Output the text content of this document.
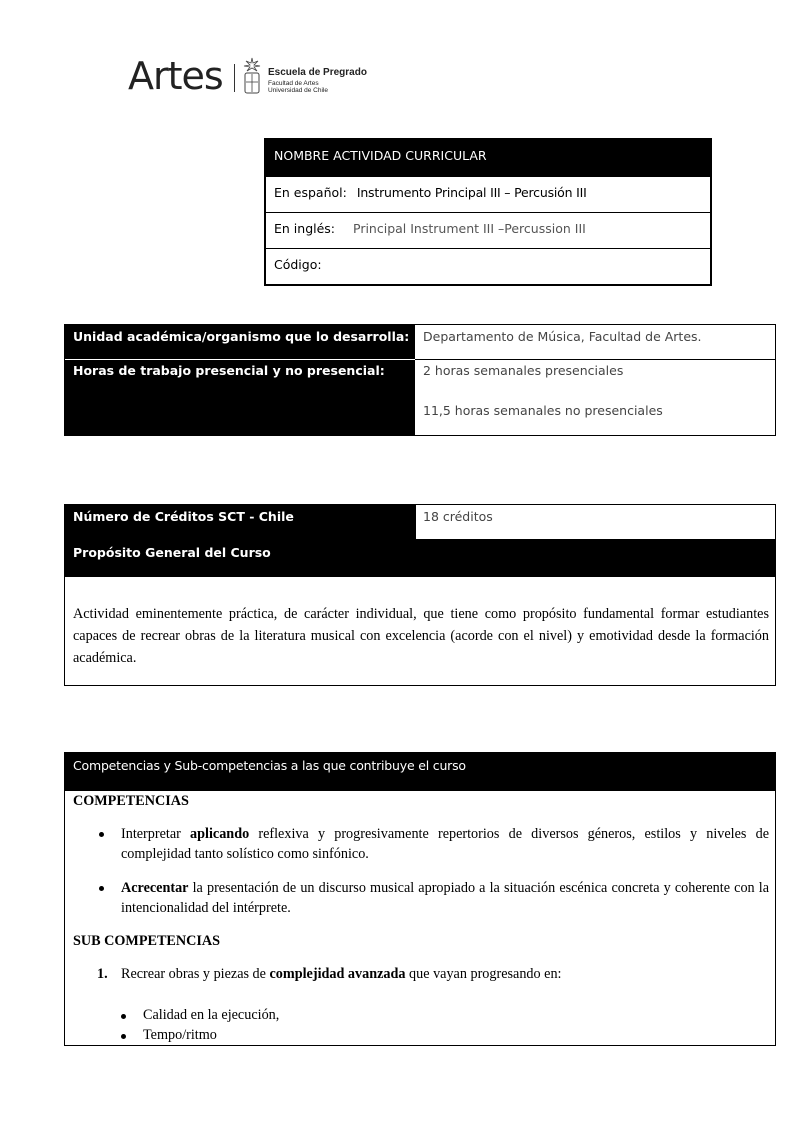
Artes	Escuela de Pregrado
Facultad de Artes
Universidad de Chile
NOMBRE ACTIVIDAD CURRICULAR
En español: Instrumento Principal III – Percusión III
En inglés: Principal Instrument III –Percussion III
Código:
Unidad académica/organismo que lo desarrolla:
Horas de trabajo presencial y no presencial:
Departamento de Música, Facultad de Artes.
2 horas semanales presenciales
11,5 horas semanales no presenciales
Número de Créditos SCT - Chile	18 créditos
Propósito General del Curso
Actividad eminentemente práctica, de carácter individual, que tiene como propósito fundamental formar estudiantes capaces de recrear obras de la literatura musical con excelencia (acorde con el nivel) y emotividad desde la formación académica.
Competencias y Sub-competencias a las que contribuye el curso
COMPETENCIAS
Interpretar aplicando reflexiva y progresivamente repertorios de diversos géneros, estilos y niveles de complejidad tanto solístico como sinfónico.
Acrecentar la presentación de un discurso musical apropiado a la situación escénica concreta y coherente con la intencionalidad del intérprete.
SUB COMPETENCIAS
1. Recrear obras y piezas de complejidad avanzada que vayan progresando en:
Calidad en la ejecución,
Tempo/ritmo
